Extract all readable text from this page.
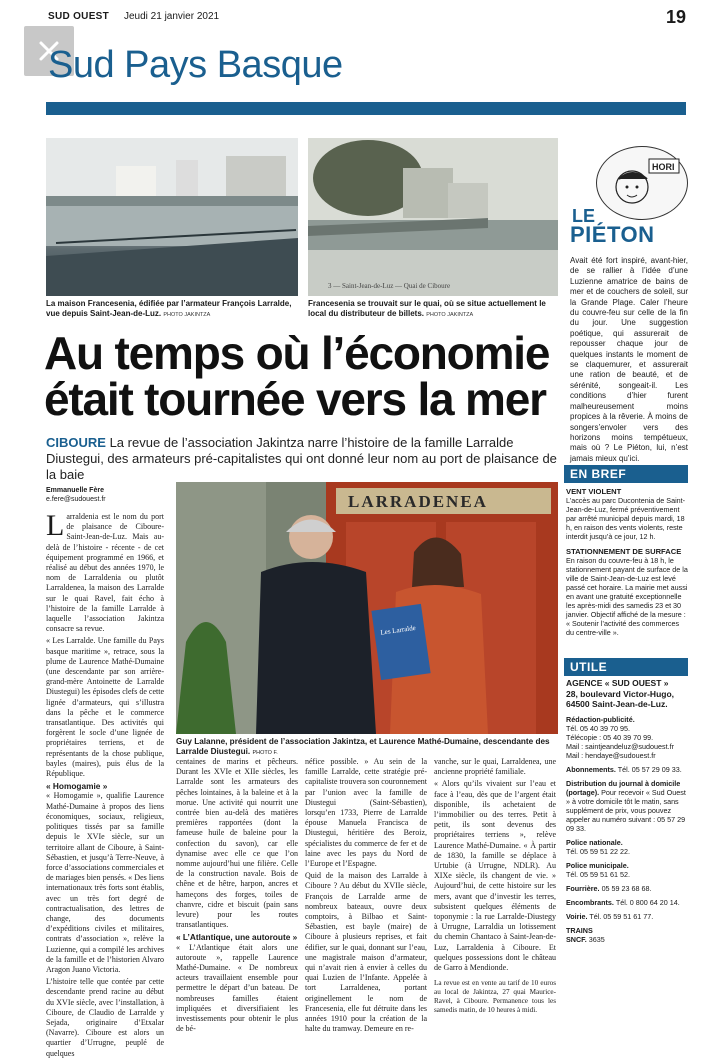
SUD OUEST Jeudi 21 janvier 2021	19
Sud Pays Basque
La maison Francesenia, édifiée par l’armateur François Larralde, vue depuis Saint-Jean-de-Luz. PHOTO JAKINTZA
3 — Saint-Jean-de-Luz — Quai de Ciboure
Francesenia se trouvait sur le quai, où se situe actuellement le local du distributeur de billets. PHOTO JAKINTZA
HORI
LE
PIÉTON
Avait été fort inspiré, avant-hier, de se rallier à l’idée d’une Luzienne amatrice de bains de mer et de couchers de soleil, sur la Grande Plage. Caler l’heure du couvre-feu sur celle de la fin du jour. Une suggestion poétique, qui assurerait de repousser chaque jour de quelques instants le moment de se claquemurer, et assurerait une ration de beauté, et de sérénité, songeait-il. Les conditions d’hier furent malheureusement moins propices à la rêverie. À moins de songers’envoler vers des horizons moins tempétueux, mais où ? Le Piéton, lui, n’est jamais mieux qu’ici.
Au temps où l’économie
était tournée vers la mer
CIBOURE La revue de l’association Jakintza narre l’histoire de la famille Larralde Diustegui, des armateurs pré-capitalistes qui ont donné leur nom au port de plaisance de la baie	EN BREF
VENT VIOLENT

L’accès au parc Ducontenia de Saint-Jean-de-Luz, fermé préventivement par arrêté municipal depuis mardi, 18 h, en raison des vents violents, reste interdit jusqu’à ce jour, 12 h.

STATIONNEMENT DE SURFACE

En raison du couvre-feu à 18 h, le stationnement payant de surface de la ville de Saint-Jean-de-Luz est levé passé cet horaire. La mairie met aussi en avant une gratuité exceptionnelle les après-midi des samedis 23 et 30 janvier. Objectif affiché de la mesure : « Soutenir l’activité des commerces du centre-ville ».

UTILE
AGENCE « SUD OUEST »
28, boulevard Victor-Hugo,
64500 Saint-Jean-de-Luz.
Rédaction-publicité.
Tél. 05 40 39 70 95.
Télécopie : 05 40 39 70 99.
Mail : saintjeandeluz@sudouest.fr
Mail : hendaye@sudouest.fr
Abonnements. Tél. 05 57 29 09 33.
Distribution du journal à domicile (portage). Pour recevoir « Sud Ouest » à votre domicile tôt le matin, sans supplément de prix, vous pouvez appeler au numéro suivant : 05 57 29 09 33.
Police nationale.
Tél. 05 59 51 22 22.
Police municipale.
Tél. 05 59 51 61 52.
Fourrière. 05 59 23 68 68.
Encombrants. Tél. 0 800 64 20 14.
Voirie. Tél. 05 59 51 61 77.
TRAINS
SNCF. 3635
Emmanuelle Fère
e.fere@sudouest.fr

Larraldenia est le nom du port de plaisance de Ciboure-Saint-Jean-de-Luz. Mais au-delà de l’histoire - récente - de cet équipement programmé en 1966, et réalisé au début des années 1970, le nom de Larraldenia ou plutôt Larraldenea, la maison des Larralde sur le quai Ravel, fait écho à l’histoire de la famille Larralde à laquelle l’association Jakintza consacre sa revue.

« Les Larralde. Une famille du Pays basque maritime », retrace, sous la plume de Laurence Mathé-Dumaine (une descendante par son arrière-grand-mère Antoinette de Larralde Diustegui) les épisodes clefs de cette lignée d’armateurs, qui s’illustra dans la pêche et le commerce transatlantique. Des activités qui forgèrent le socle d’une lignée de propriétaires terriens, et de représentants de la chose publique, bayles (maires), puis élus de la République.

« Homogamie »

« Homogamie », qualifie Laurence Mathé-Dumaine à propos des liens économiques, sociaux, religieux, politiques tissés par sa famille depuis le XVIe siècle, sur un territoire allant de Ciboure, à Saint-Sébastien, et jusqu’à Terre-Neuve, à force d’associations commerciales et de mariages bien pensés. « Des liens internationaux très forts sont établis, avec un très fort degré de contractualisation, des lettres de change, des documents d’expéditions civiles et militaires, contrats d’association », relève la Luzienne, qui a compilé les archives de la famille et de l’historien Alvaro Aragon Juano Victoria.

L’histoire telle que contée par cette descendante prend racine au début du XVIe siècle, avec l’installation, à Ciboure, de Claudio de Larralde y Sejada, originaire d’Etxalar (Navarre). Ciboure est alors un quartier d’Urrugne, peuplé de quelques

LARRADENEA
Les Larralde
Guy Lalanne, président de l’association Jakintza, et Laurence Mathé-Dumaine, descendante des Larralde Diustegui. PHOTO F.

centaines de marins et pêcheurs. Durant les XVIe et XIIe siècles, les Larralde sont les armateurs des pêches lointaines, à la baleine et à la morue. Une activité qui nourrit une contrée bien au-delà des matières premières rapportées (dont la fameuse huile de baleine pour la confection du savon), car elle dynamise avec elle ce que l’on nomme aujourd’hui une filière. Celle de la construction navale. Bois de chêne et de hêtre, harpon, ancres et hameçons des forges, toiles de chanvre, cidre et biscuit (pain sans levure) pour les routes transatlantiques.

« L’Atlantique, une autoroute »

« L’Atlantique était alors une autoroute », rappelle Laurence Mathé-Dumaine. « De nombreux acteurs travaillaient ensemble pour permettre le départ d’un bateau. De nombreuses familles étaient impliquées et diversifiaient les investissements pour obtenir le plus de bé-

néfice possible. » Au sein de la famille Larralde, cette stratégie pré-capitaliste trouvera son couronnement par l’union avec la famille de Diustegui (Saint-Sébastien), lorsqu’en 1733, Pierre de Larralde épouse Manuela Francisca de Diustegui, héritière des Beroiz, spécialistes du commerce de fer et de laine avec les pays du Nord de l’Europe et l’Espagne.

Quid de la maison des Larralde à Ciboure ? Au début du XVIIe siècle, François de Larralde arme de nombreux bateaux, ouvre deux comptoirs, à Bilbao et Saint-Sébastien, est bayle (maire) de Ciboure à plusieurs reprises, et fait édifier, sur le quai, donnant sur l’eau, une magistrale maison d’armateur, qui n’avait rien à envier à celles du quai Luzien de l’Infante. Appelée à tort Larraldenea, portant originellement le nom de Francesenia, elle fut détruite dans les années 1910 pour la création de la halte du tramway. Demeure en re-

vanche, sur le quai, Larraldenea, une ancienne propriété familiale.

« Alors qu’ils vivaient sur l’eau et face à l’eau, dès que de l’argent était disponible, ils achetaient de l’immobilier ou des terres. Petit à petit, ils sont devenus des propriétaires terriens », relève Laurence Mathé-Dumaine. « À partir de 1830, la famille se déplace à Urtubie (à Urrugne, NDLR). Au XIXe siècle, ils changent de vie. » Aujourd’hui, de cette histoire sur les mers, avant que d’investir les terres, subsistent quelques éléments de toponymie : la rue Larralde-Diustegy à Urrugne, Larraldia un lotissement du chemin Chantaco à Saint-Jean-de-Luz, Larraldenia à Ciboure. Et quelques possessions dont le château de Garro à Mendionde.

La revue est en vente au tarif de 10 euros au local de Jakintza, 27 quai Maurice-Ravel, à Ciboure. Permanence tous les samedis matin, de 10 heures à midi.
